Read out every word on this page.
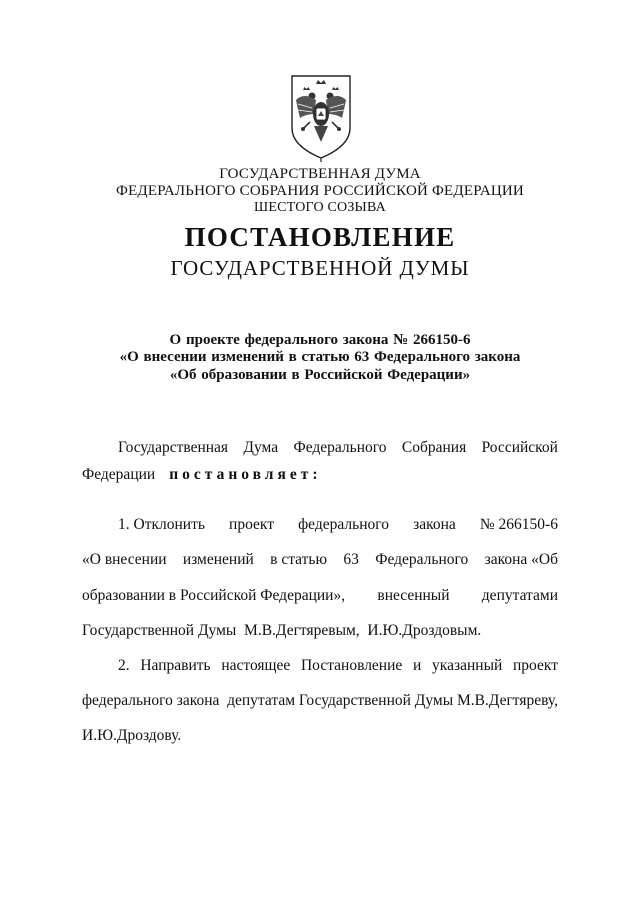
ГОСУДАРСТВЕННАЯ ДУМА
ФЕДЕРАЛЬНОГО СОБРАНИЯ РОССИЙСКОЙ ФЕДЕРАЦИИ
ШЕСТОГО СОЗЫВА
ПОСТАНОВЛЕНИЕ
ГОСУДАРСТВЕННОЙ ДУМЫ
О проекте федерального закона № 266150-6
«О внесении изменений в статью 63 Федерального закона
«Об образовании в Российской Федерации»
Государственная Дума Федерального Собрания Российской
Федерации постановляет:
1. Отклонить проект федерального закона № 266150-6
«О внесении изменений в статью 63 Федерального закона «Об
образовании в Российской Федерации», внесенный депутатами
Государственной Думы  М.В.Дегтяревым,  И.Ю.Дроздовым.
2. Направить настоящее Постановление и указанный проект
федерального закона  депутатам Государственной Думы М.В.Дегтяреву,
И.Ю.Дроздову.
